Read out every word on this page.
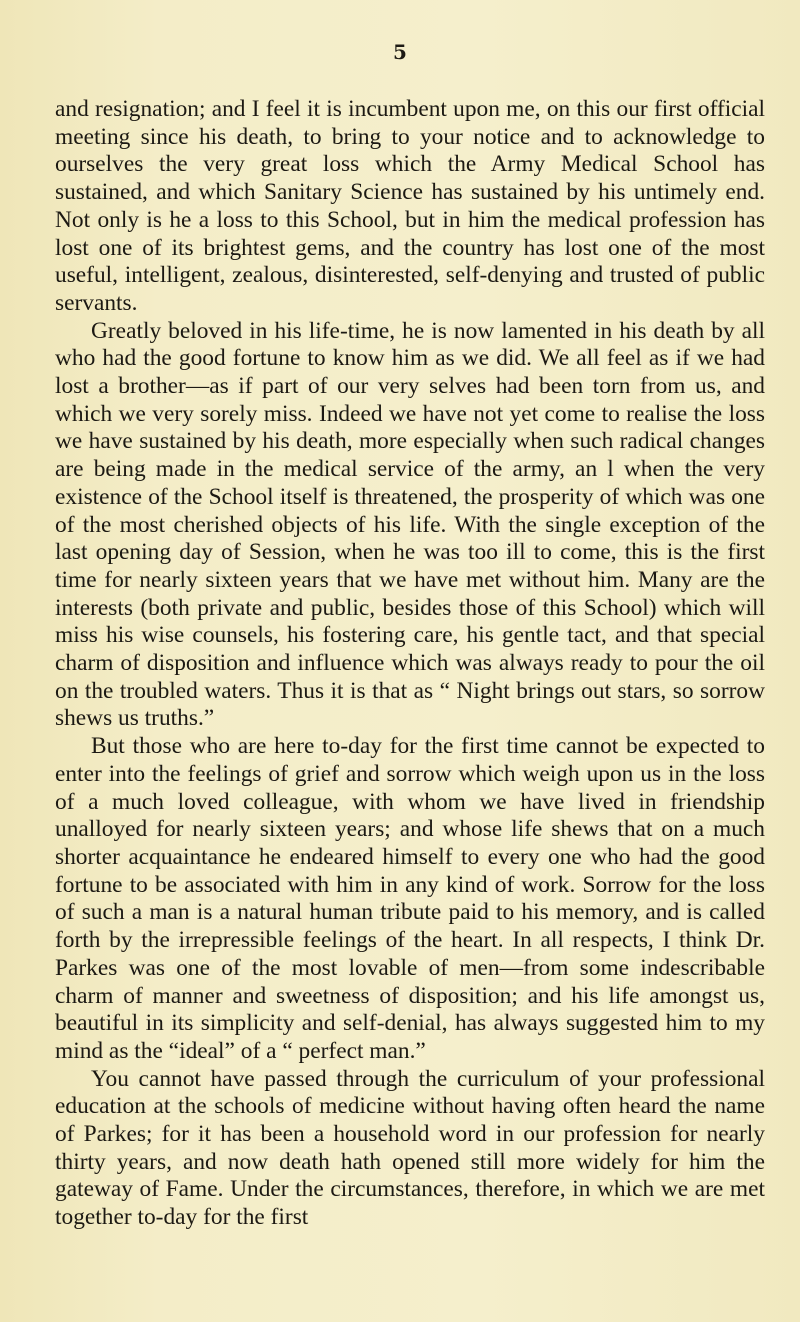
5

and resignation; and I feel it is incumbent upon me, on this our first official meeting since his death, to bring to your notice and to acknowledge to ourselves the very great loss which the Army Medical School has sustained, and which Sanitary Science has sustained by his untimely end. Not only is he a loss to this School, but in him the medical profession has lost one of its brightest gems, and the country has lost one of the most useful, intelligent, zealous, disinterested, self-denying and trusted of public servants.

Greatly beloved in his life-time, he is now lamented in his death by all who had the good fortune to know him as we did. We all feel as if we had lost a brother—as if part of our very selves had been torn from us, and which we very sorely miss. Indeed we have not yet come to realise the loss we have sustained by his death, more especially when such radical changes are being made in the medical service of the army, an l when the very existence of the School itself is threatened, the prosperity of which was one of the most cherished objects of his life. With the single exception of the last opening day of Session, when he was too ill to come, this is the first time for nearly sixteen years that we have met without him. Many are the interests (both private and public, besides those of this School) which will miss his wise counsels, his fostering care, his gentle tact, and that special charm of disposition and influence which was always ready to pour the oil on the troubled waters. Thus it is that as “ Night brings out stars, so sorrow shews us truths.”

But those who are here to-day for the first time cannot be expected to enter into the feelings of grief and sorrow which weigh upon us in the loss of a much loved colleague, with whom we have lived in friendship unalloyed for nearly sixteen years; and whose life shews that on a much shorter acquaintance he endeared himself to every one who had the good fortune to be associated with him in any kind of work. Sorrow for the loss of such a man is a natural human tribute paid to his memory, and is called forth by the irrepressible feelings of the heart. In all respects, I think Dr. Parkes was one of the most lovable of men—from some indescribable charm of manner and sweetness of disposition; and his life amongst us, beautiful in its simplicity and self-denial, has always suggested him to my mind as the “ideal” of a “ perfect man.”

You cannot have passed through the curriculum of your professional education at the schools of medicine without having often heard the name of Parkes; for it has been a household word in our profession for nearly thirty years, and now death hath opened still more widely for him the gateway of Fame. Under the circumstances, therefore, in which we are met together to-day for the first
